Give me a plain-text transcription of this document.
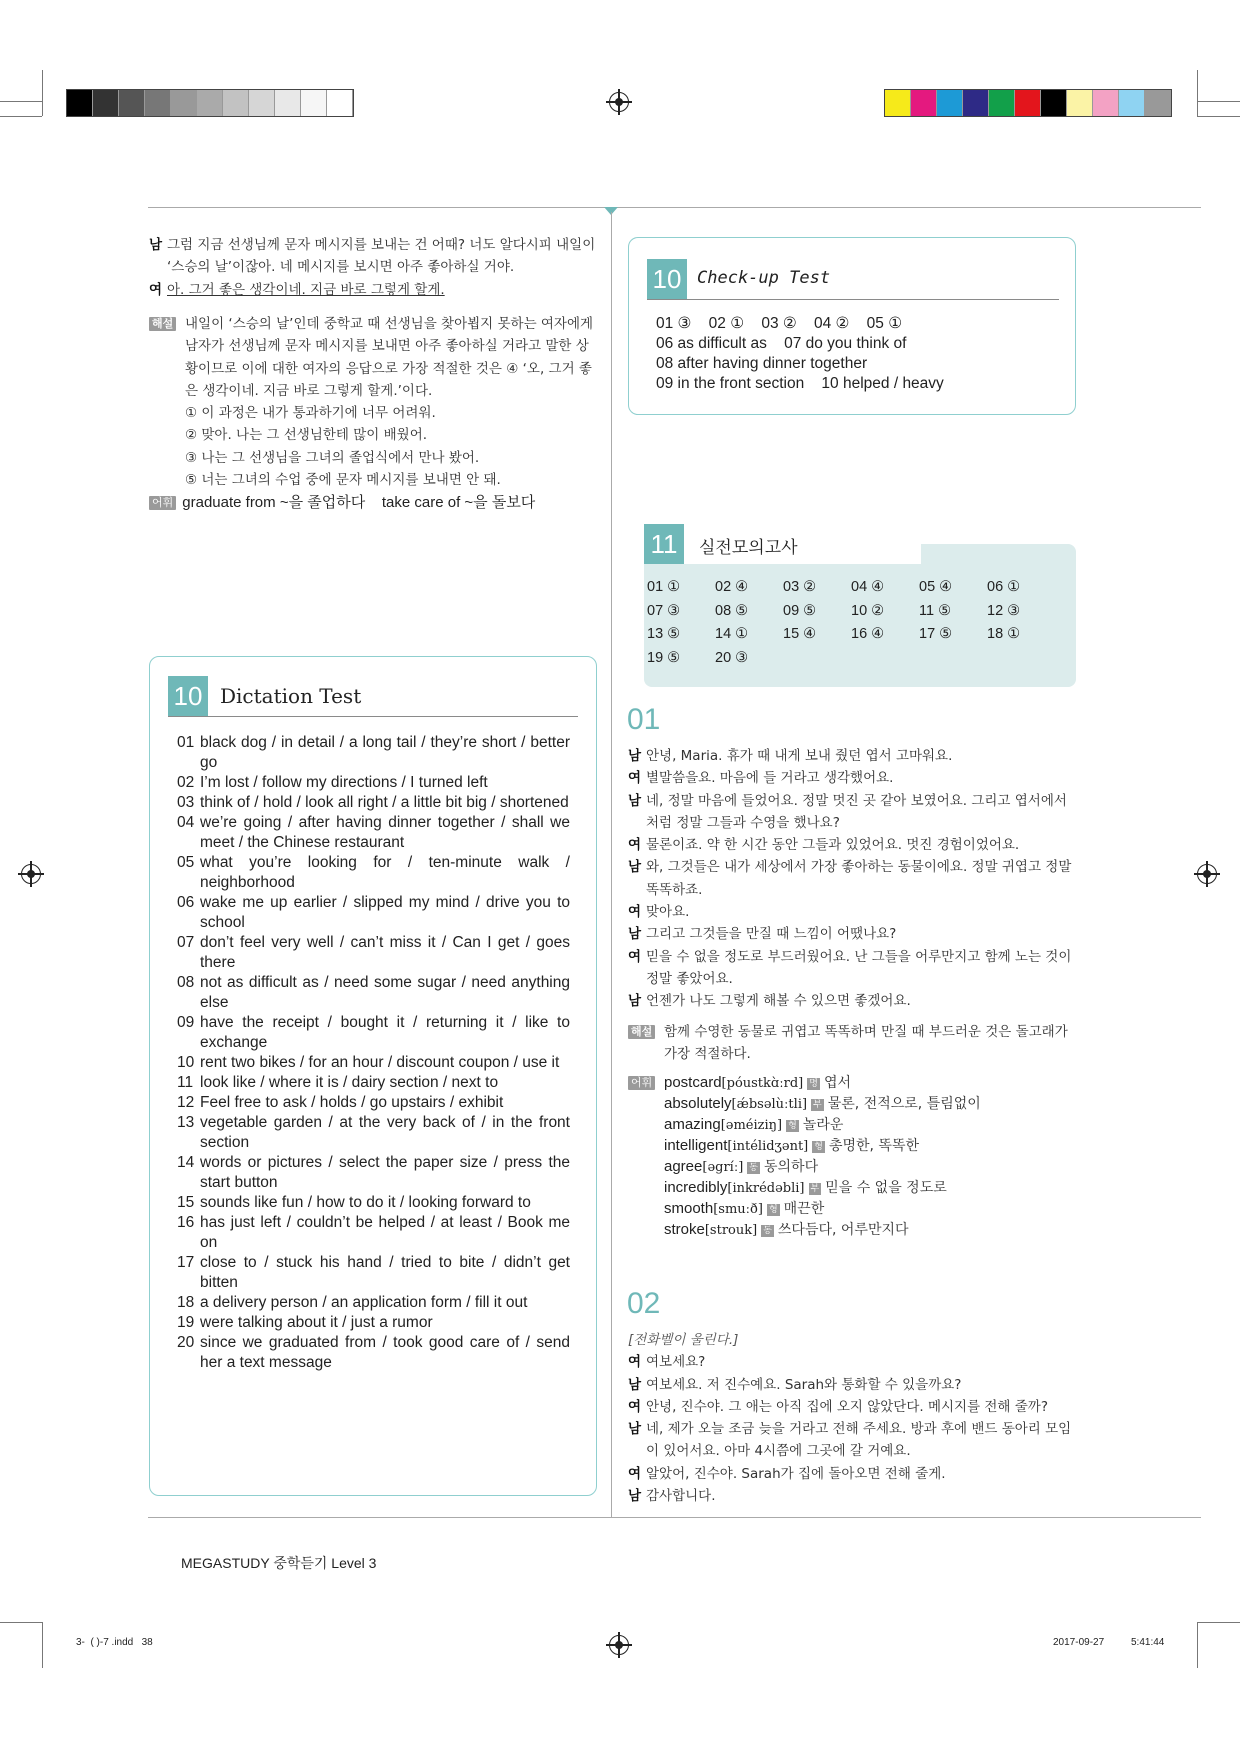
남 그럼 지금 선생님께 문자 메시지를 보내는 건 어때? 너도 알다시피 내일이 ‘스승의 날’이잖아. 네 메시지를 보시면 아주 좋아하실 거야.
여 아. 그거 좋은 생각이네. 지금 바로 그렇게 할게.
해설 내일이 ‘스승의 날’인데 중학교 때 선생님을 찾아뵙지 못하는 여자에게 남자가 선생님께 문자 메시지를 보내면 아주 좋아하실 거라고 말한 상황이므로 이에 대한 여자의 응답으로 가장 적절한 것은 ④ ‘오, 그거 좋은 생각이네. 지금 바로 그렇게 할게.’이다.
① 이 과정은 내가 통과하기에 너무 어려워.
② 맞아. 나는 그 선생님한테 많이 배웠어.
③ 나는 그 선생님을 그녀의 졸업식에서 만나 봤어.
⑤ 너는 그녀의 수업 중에 문자 메시지를 보내면 안 돼.
어휘 graduate from ~을 졸업하다    take care of ~을 돌보다
10 Dictation Test
01 black dog / in detail / a long tail / they’re short / better go
02 I’m lost / follow my directions / I turned left
03 think of / hold / look all right / a little bit big / shortened
04 we’re going / after having dinner together / shall we meet / the Chinese restaurant
05 what you’re looking for / ten-minute walk / neighborhood
06 wake me up earlier / slipped my mind / drive you to school
07 don’t feel very well / can’t miss it / Can I get / goes there
08 not as difficult as / need some sugar / need anything else
09 have the receipt / bought it / returning it / like to exchange
10 rent two bikes / for an hour / discount coupon / use it
11 look like / where it is / dairy section / next to
12 Feel free to ask / holds / go upstairs / exhibit
13 vegetable garden / at the very back of / in the front section
14 words or pictures / select the paper size / press the start button
15 sounds like fun / how to do it / looking forward to
16 has just left / couldn’t be helped / at least / Book me on
17 close to / stuck his hand / tried to bite / didn’t get bitten
18 a delivery person / an application form / fill it out
19 were talking about it / just a rumor
20 since we graduated from / took good care of / send her a text message
10 Check-up Test
01 ③    02 ①    03 ②    04 ②    05 ①
06 as difficult as    07 do you think of
08 after having dinner together
09 in the front section    10 helped / heavy
11	실전모의고사
01 ①	02 ④	03 ②	04 ④	05 ④	06 ①
07 ③	08 ⑤	09 ⑤	10 ②	11 ⑤	12 ③
13 ⑤	14 ①	15 ④	16 ④	17 ⑤	18 ①
19 ⑤	20 ③
01
남 안녕, Maria. 휴가 때 내게 보내 줬던 엽서 고마워요.
여 별말씀을요. 마음에 들 거라고 생각했어요.
남 네, 정말 마음에 들었어요. 정말 멋진 곳 같아 보였어요. 그리고 엽서에서처럼 정말 그들과 수영을 했나요?
여 물론이죠. 약 한 시간 동안 그들과 있었어요. 멋진 경험이었어요.
남 와, 그것들은 내가 세상에서 가장 좋아하는 동물이에요. 정말 귀엽고 정말 똑똑하죠.
여 맞아요.
남 그리고 그것들을 만질 때 느낌이 어땠나요?
여 믿을 수 없을 정도로 부드러웠어요. 난 그들을 어루만지고 함께 노는 것이 정말 좋았어요.
남 언젠가 나도 그렇게 해볼 수 있으면 좋겠어요.
해설 함께 수영한 동물로 귀엽고 똑똑하며 만질 때 부드러운 것은 돌고래가 가장 적절하다.
어휘 postcard[póustkɑ̀ːrd] 명 엽서
absolutely[ǽbsəlùːtli] 부 물론, 전적으로, 틀림없이
amazing[əméiziŋ] 형 놀라운
intelligent[intélidʒənt] 형 총명한, 똑똑한
agree[əgríː] 동 동의하다
incredibly[inkrédəbli] 부 믿을 수 없을 정도로
smooth[smuːð] 형 매끈한
stroke[strouk] 동 쓰다듬다, 어루만지다
02
[전화벨이 울린다.]
여 여보세요?
남 여보세요. 저 진수예요. Sarah와 통화할 수 있을까요?
여 안녕, 진수야. 그 애는 아직 집에 오지 않았단다. 메시지를 전해 줄까?
남 네, 제가 오늘 조금 늦을 거라고 전해 주세요. 방과 후에 밴드 동아리 모임이 있어서요. 아마 4시쯤에 그곳에 갈 거예요.
여 알았어, 진수야. Sarah가 집에 돌아오면 전해 줄게.
남 감사합니다.
MEGASTUDY 중학듣기 Level 3
3-  ( )-7 .indd   38	2017-09-27	5:41:44
